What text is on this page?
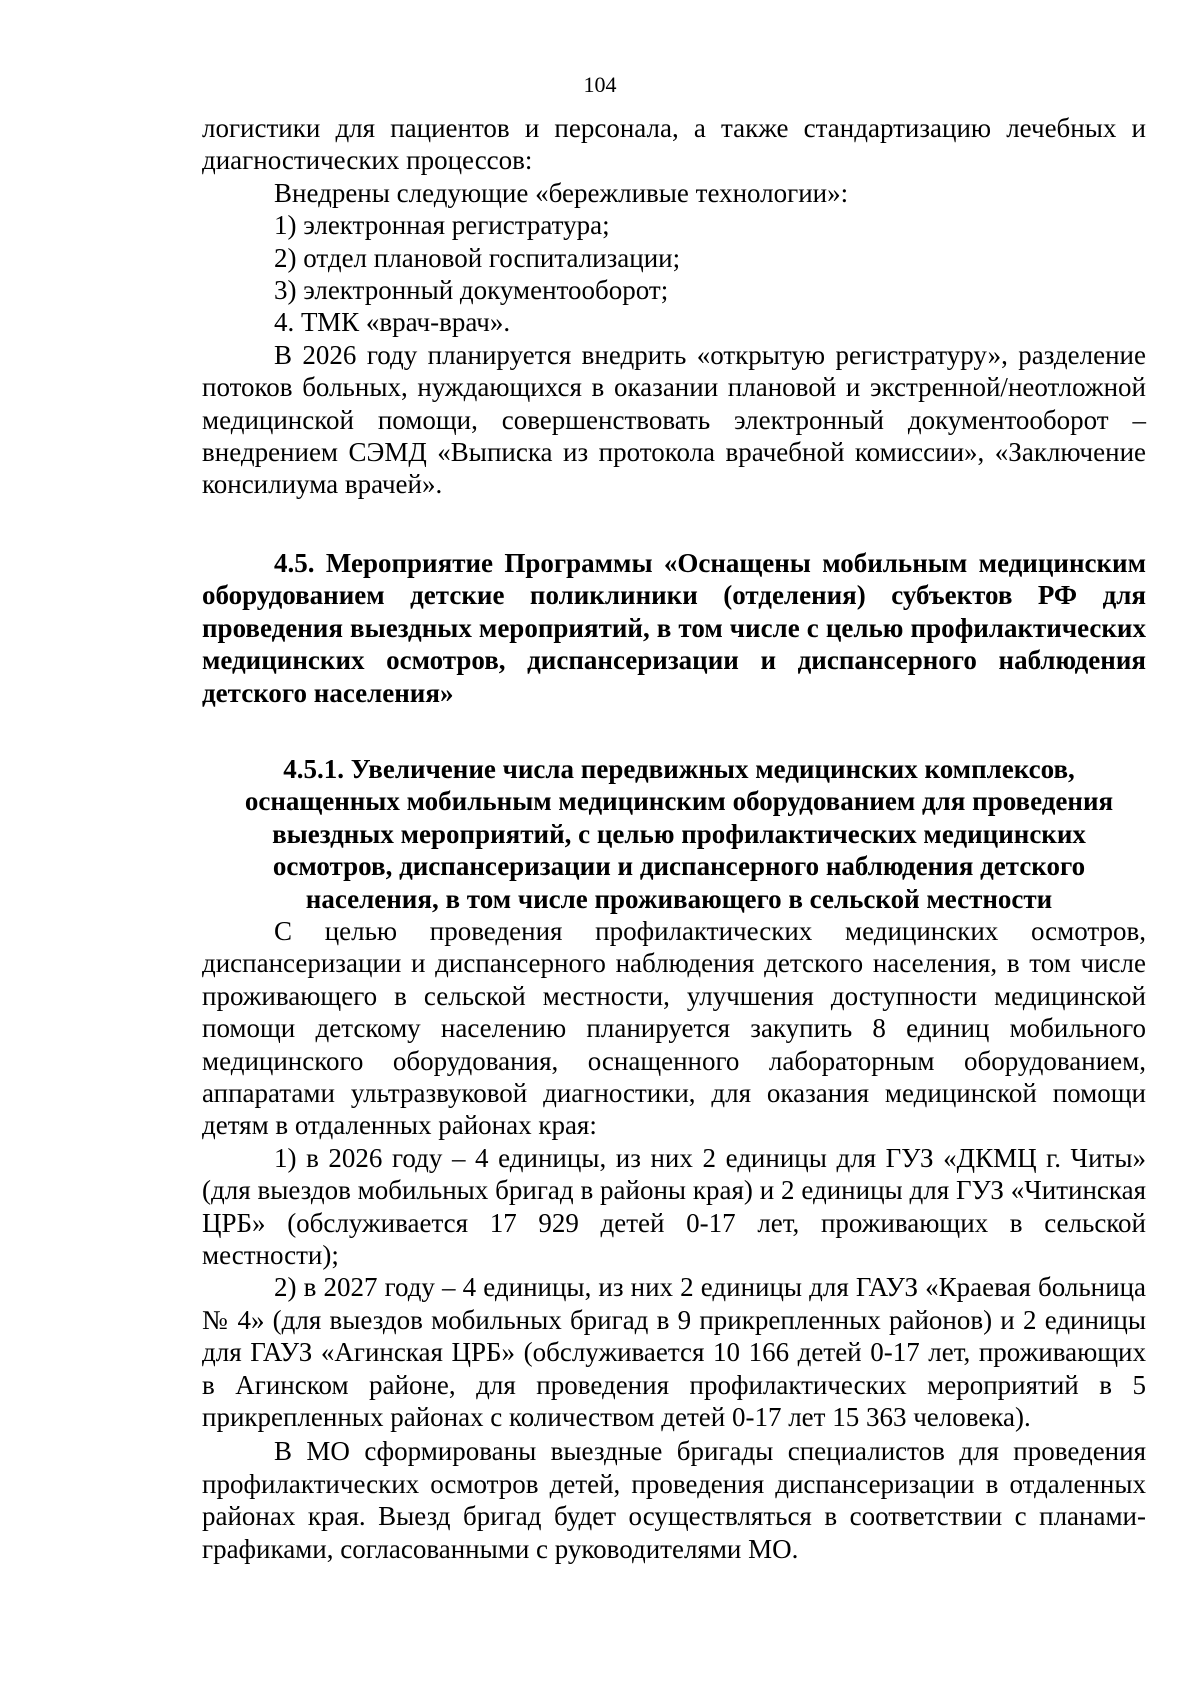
104

логистики для пациентов и персонала, а также стандартизацию лечебных и диагностических процессов:

Внедрены следующие «бережливые технологии»:

1) электронная регистратура;

2) отдел плановой госпитализации;

3) электронный документооборот;

4. ТМК «врач-врач».

В 2026 году планируется внедрить «открытую регистратуру», разделение потоков больных, нуждающихся в оказании плановой и экстренной/неотложной медицинской помощи, совершенствовать электронный документооборот – внедрением СЭМД «Выписка из протокола врачебной комиссии», «Заключение консилиума врачей».

4.5. Мероприятие Программы «Оснащены мобильным медицинским оборудованием детские поликлиники (отделения) субъектов РФ для проведения выездных мероприятий, в том числе с целью профилактических медицинских осмотров, диспансеризации и диспансерного наблюдения детского населения»

4.5.1. Увеличение числа передвижных медицинских комплексов,
оснащенных мобильным медицинским оборудованием для проведения
выездных мероприятий, с целью профилактических медицинских
осмотров, диспансеризации и диспансерного наблюдения детского
населения, в том числе проживающего в сельской местности

С целью проведения профилактических медицинских осмотров, диспансеризации и диспансерного наблюдения детского населения, в том числе проживающего в сельской местности, улучшения доступности медицинской помощи детскому населению планируется закупить 8 единиц мобильного медицинского оборудования, оснащенного лабораторным оборудованием, аппаратами ультразвуковой диагностики, для оказания медицинской помощи детям в отдаленных районах края:

1) в 2026 году – 4 единицы, из них 2 единицы для ГУЗ «ДКМЦ г. Читы» (для выездов мобильных бригад в районы края) и 2 единицы для ГУЗ «Читинская ЦРБ» (обслуживается 17 929 детей 0-17 лет, проживающих в сельской местности);

2) в 2027 году – 4 единицы, из них 2 единицы для ГАУЗ «Краевая больница № 4» (для выездов мобильных бригад в 9 прикрепленных районов) и 2 единицы для ГАУЗ «Агинская ЦРБ» (обслуживается 10 166 детей 0-17 лет, проживающих в Агинском районе, для проведения профилактических мероприятий в 5 прикрепленных районах с количеством детей 0-17 лет 15 363 человека).

В МО сформированы выездные бригады специалистов для проведения профилактических осмотров детей, проведения диспансеризации в отдаленных районах края. Выезд бригад будет осуществляться в соответствии с планами-графиками, согласованными с руководителями МО.
